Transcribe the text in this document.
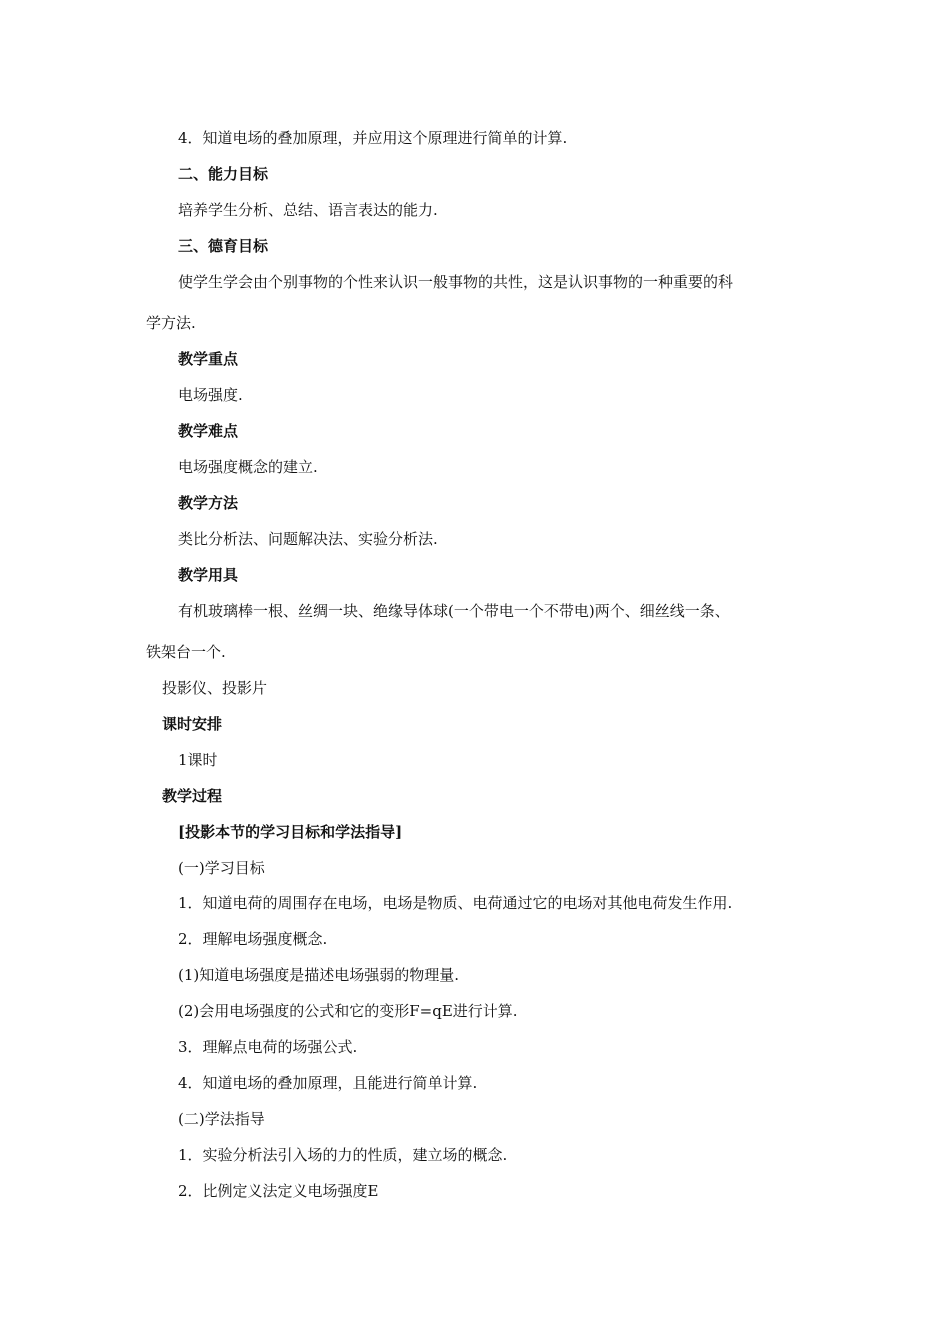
4．知道电场的叠加原理，并应用这个原理进行简单的计算.
二、能力目标
培养学生分析、总结、语言表达的能力.
三、德育目标
使学生学会由个别事物的个性来认识一般事物的共性，这是认识事物的一种重要的科
学方法.
教学重点
电场强度.
教学难点
电场强度概念的建立.
教学方法
类比分析法、问题解决法、实验分析法.
教学用具
有机玻璃棒一根、丝绸一块、绝缘导体球(一个带电一个不带电)两个、细丝线一条、
铁架台一个.
投影仪、投影片
课时安排
1课时
教学过程
[投影本节的学习目标和学法指导]
(一)学习目标
1．知道电荷的周围存在电场，电场是物质、电荷通过它的电场对其他电荷发生作用.
2．理解电场强度概念.
(1)知道电场强度是描述电场强弱的物理量.
(2)会用电场强度的公式和它的变形F=qE进行计算.
3．理解点电荷的场强公式.
4．知道电场的叠加原理，且能进行简单计算.
(二)学法指导
1．实验分析法引入场的力的性质，建立场的概念.
2．比例定义法定义电场强度E
